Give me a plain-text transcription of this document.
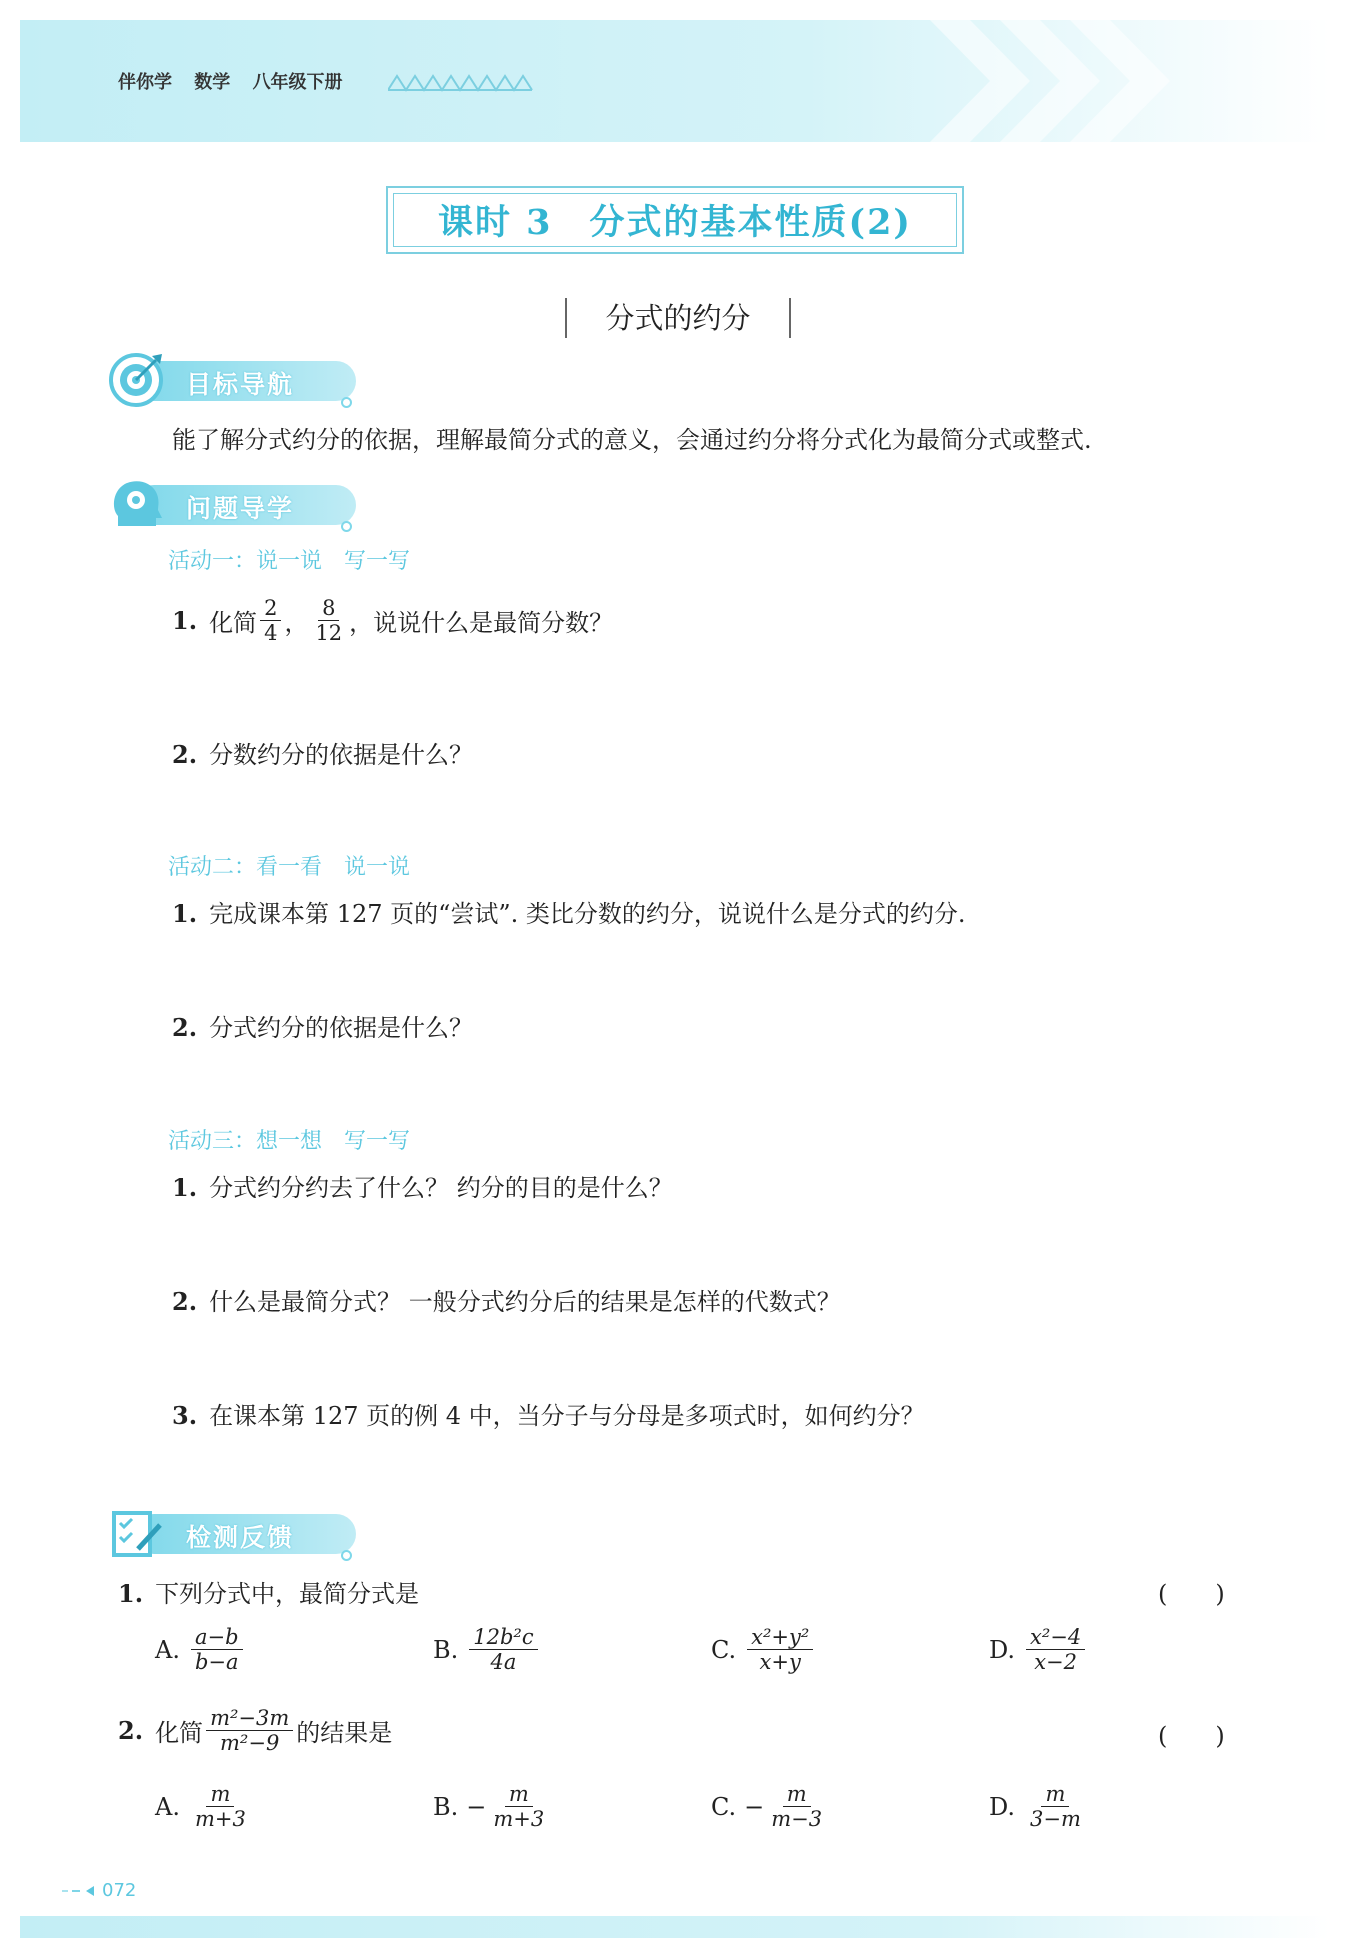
伴你学 数学 八年级下册
课时 3　分式的基本性质(2)
分式的约分
目标导航
能了解分式约分的依据，理解最简分式的意义，会通过约分将分式化为最简分式或整式.
问题导学
活动一：说一说　写一写
1. 化简 $\frac{2}{4}$ ， $\frac{8}{12}$ ，说说什么是最简分数？
2. 分数约分的依据是什么？
活动二：看一看　说一说
1. 完成课本第 127 页的“尝试”. 类比分数的约分，说说什么是分式的约分.
2. 分式约分的依据是什么？
活动三：想一想　写一写
1. 分式约分约去了什么？ 约分的目的是什么？
2. 什么是最简分式？ 一般分式约分后的结果是怎样的代数式？
3. 在课本第 127 页的例 4 中，当分子与分母是多项式时，如何约分？
检测反馈
1. 下列分式中，最简分式是	(　　)
A. $\frac{a-b}{b-a}$	B. $\frac{\text{12b²c}}{4a}$	C. $\frac{\text{x²+y²}}{x+y}$	D. $\frac{\text{x²−4}}{x-2}$
2. 化简 $\frac{\text{m²−3m}}{\text{m²−9}}$ 的结果是	(　　)
A. $\frac{m}{m+3}$	B. − $\frac{m}{m+3}$	C. − $\frac{m}{m-3}$	D. $\frac{m}{3-m}$
072
